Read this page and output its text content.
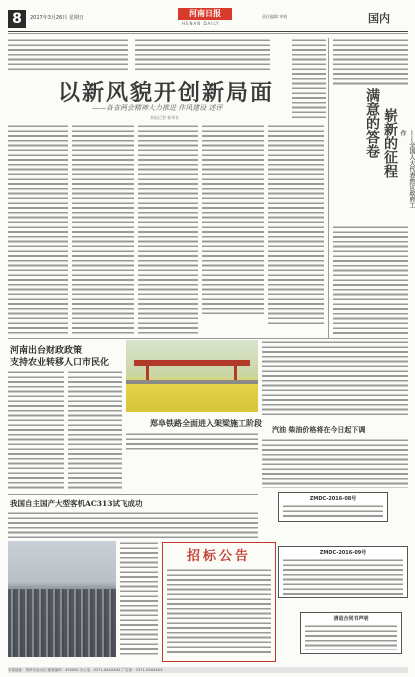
8	2017年3月26日 星期日	河南日报
HENAN DAILY
责任编辑 审校	国内
以新风貌开创新局面
——各省两会精神大力推进 作风建设 述评
本报记者 新华社	满意的答卷 崭新的征程	——全国人大代表热议政府工作
河南出台财政政策
支持农业转移人口市民化
郑阜铁路全面进入架梁施工阶段
汽油 柴油价格将在今日起下调
ZMDC-2016-08号
我国自主国产大型客机AC313试飞成功
招标公告	ZMDC-2016-09号
清退合同书声明
本报地址：郑州市金水区 邮政编码：450000 办公室：0371-XXXXXXX 广告部：0371-XXXXXXX
